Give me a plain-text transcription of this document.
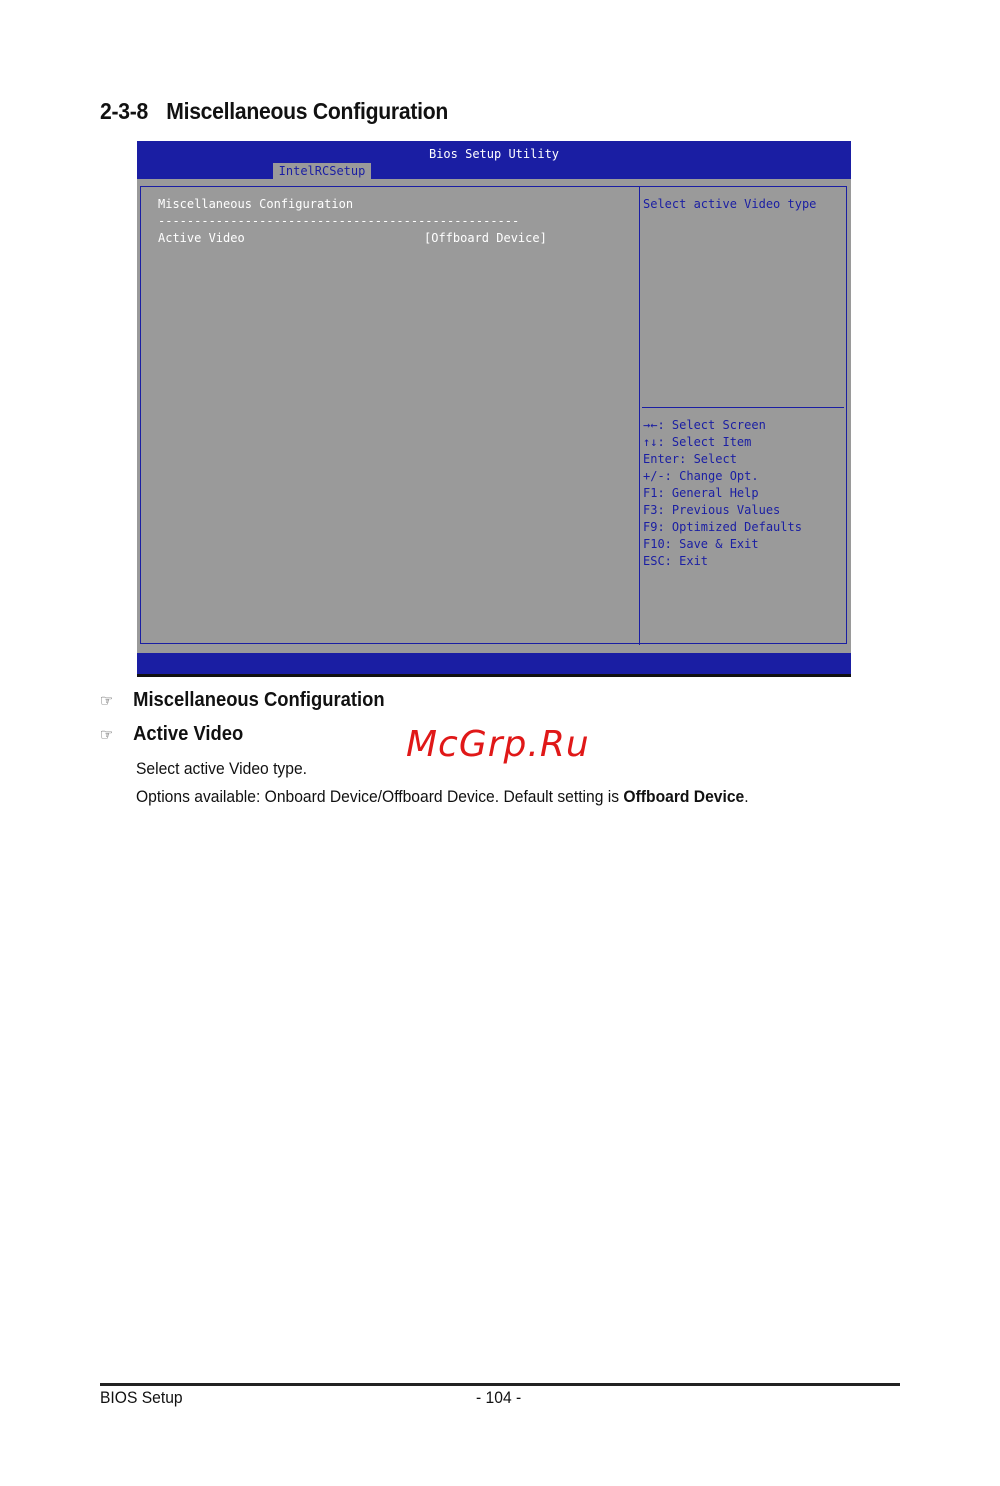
2-3-8 Miscellaneous Configuration
Bios Setup Utility
IntelRCSetup
Miscellaneous Configuration
--------------------------------------------------
Active Video	[Offboard Device]
Select active Video type
→←: Select Screen
↑↓: Select Item
Enter: Select
+/-: Change Opt.
F1: General Help
F3: Previous Values
F9: Optimized Defaults
F10: Save & Exit
ESC: Exit

☞ Miscellaneous Configuration

☞ Active Video

Select active Video type.

Options available: Onboard Device/Offboard Device. Default setting is Offboard Device.

McGrp.Ru
BIOS Setup	- 104 -
